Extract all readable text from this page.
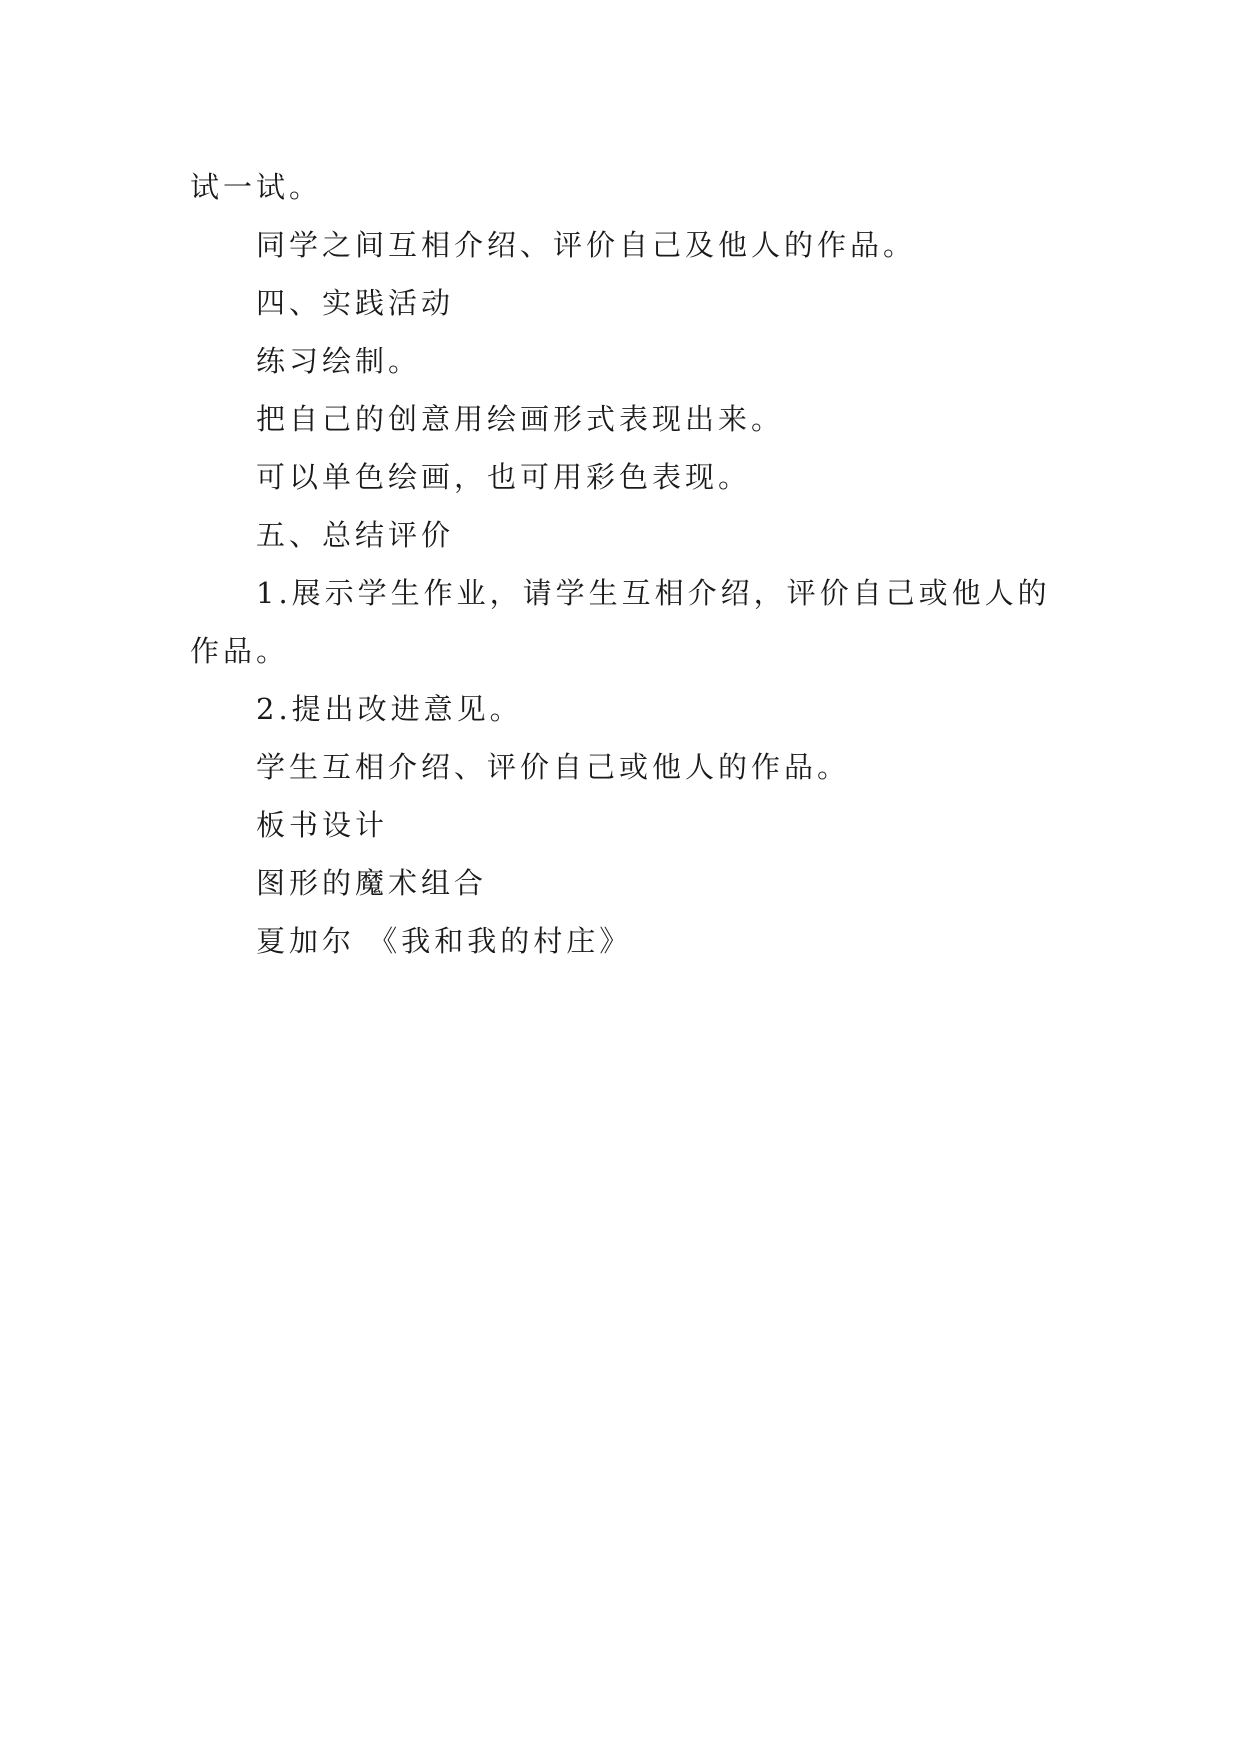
试一试。

同学之间互相介绍、评价自己及他人的作品。

四、实践活动

练习绘制。

把自己的创意用绘画形式表现出来。

可以单色绘画，也可用彩色表现。

五、总结评价

1.展示学生作业，请学生互相介绍，评价自己或他人的作品。

2.提出改进意见。

学生互相介绍、评价自己或他人的作品。

板书设计

图形的魔术组合

夏加尔 《我和我的村庄》
